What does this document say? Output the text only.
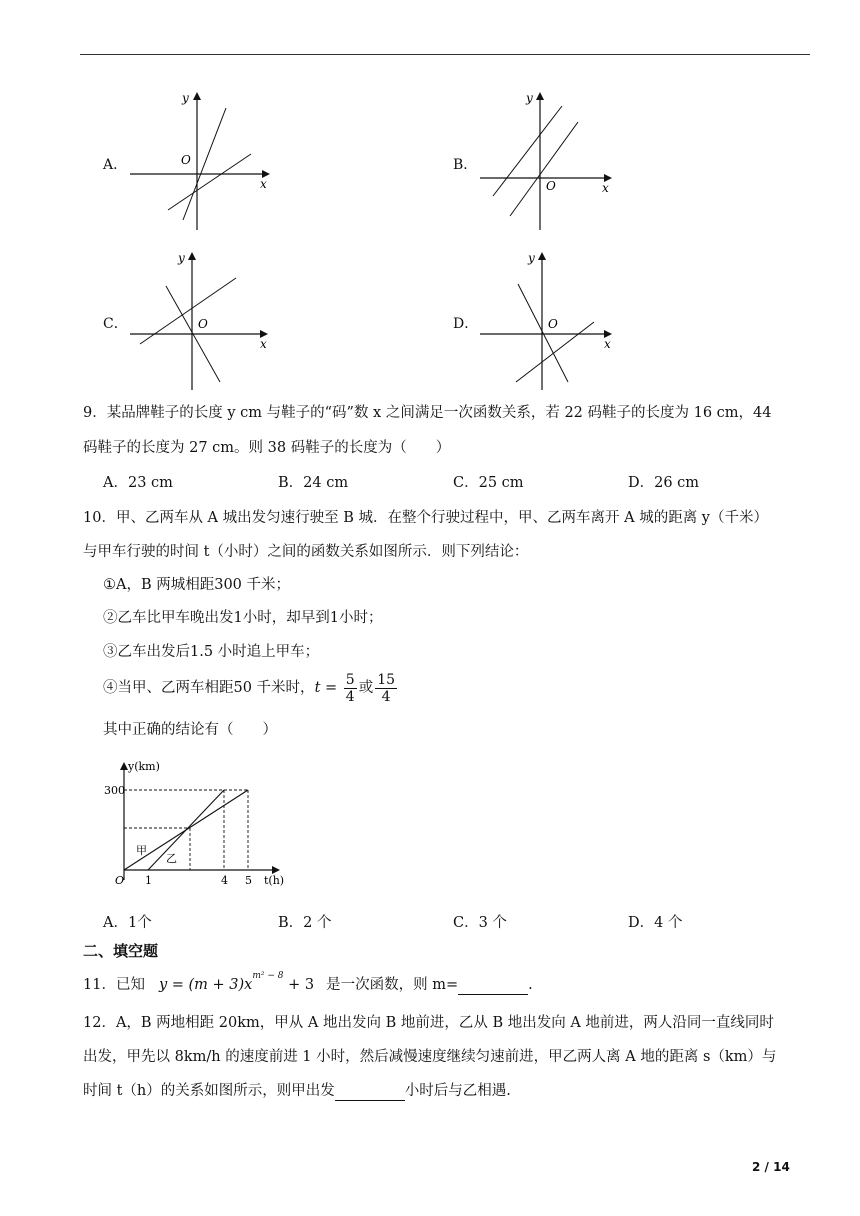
A．
y
x
O	B．
y
x
O
C．
y
x
O	D．
y
x
O
9．某品牌鞋子的长度 y cm 与鞋子的“码”数 x 之间满足一次函数关系，若 22 码鞋子的长度为 16 cm，44
码鞋子的长度为 27 cm。则 38 码鞋子的长度为（　　）
A．23 cm	B．24 cm	C．25 cm	D．26 cm
10．甲、乙两车从 A 城出发匀速行驶至 B 城．在整个行驶过程中，甲、乙两车离开 A 城的距离 y（千米）
与甲车行驶的时间 t（小时）之间的函数关系如图所示．则下列结论：
①A，B 两城相距300 千米；
②乙车比甲车晚出发1小时，却早到1小时；
③乙车出发后1.5 小时追上甲车；
④当甲、乙两车相距50 千米时， $t = \frac{5}{4}$ 或 $\frac{15}{4}$
其中正确的结论有（　　）
y(km)
t(h)
O
300
1	4 5
甲
乙
A．1个	B．2 个	C．3 个	D．4 个
二、填空题
11．已知 y = (m + 3)x
m² − 8
+ 3 是一次函数，则 m=	.
12．A，B 两地相距 20km，甲从 A 地出发向 B 地前进，乙从 B 地出发向 A 地前进，两人沿同一直线同时
出发，甲先以 8km/h 的速度前进 1 小时，然后减慢速度继续匀速前进，甲乙两人离 A 地的距离 s（km）与
时间 t（h）的关系如图所示，则甲出发	小时后与乙相遇.
2 / 14
